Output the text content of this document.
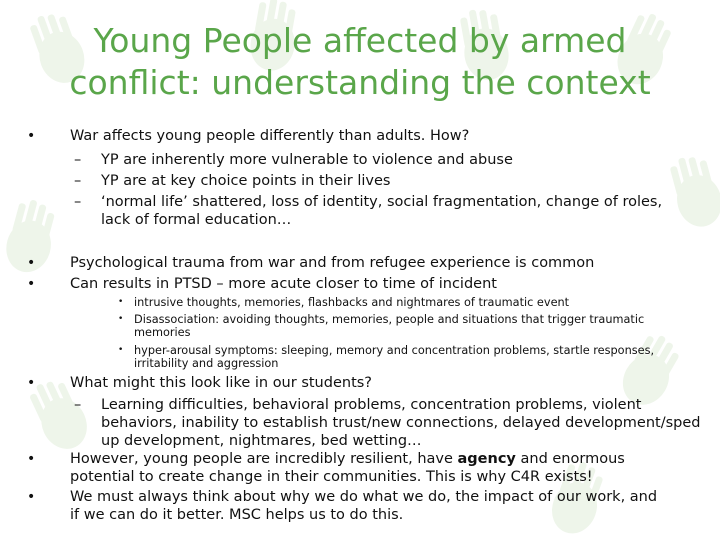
Young People affected by armed
conflict: understanding the context
• War affects young people differently than adults. How?
– YP are inherently more vulnerable to violence and abuse
– YP are at key choice points in their lives
– ‘normal life’ shattered, loss of identity, social fragmentation, change of roles,
lack of formal education…
• Psychological trauma from war and from refugee experience is common
• Can results in PTSD – more acute closer to time of incident
• intrusive thoughts, memories, flashbacks and nightmares of traumatic event
• Disassociation: avoiding thoughts, memories, people and situations that trigger traumatic
memories
• hyper-arousal symptoms: sleeping, memory and concentration problems, startle responses,
irritability and aggression
• What might this look like in our students?
– Learning difficulties, behavioral problems, concentration problems, violent
behaviors, inability to establish trust/new connections, delayed development/sped
up development, nightmares, bed wetting…
• However, young people are incredibly resilient, have agency and enormous
potential to create change in their communities. This is why C4R exists!
• We must always think about why we do what we do, the impact of our work, and
if we can do it better. MSC helps us to do this.
